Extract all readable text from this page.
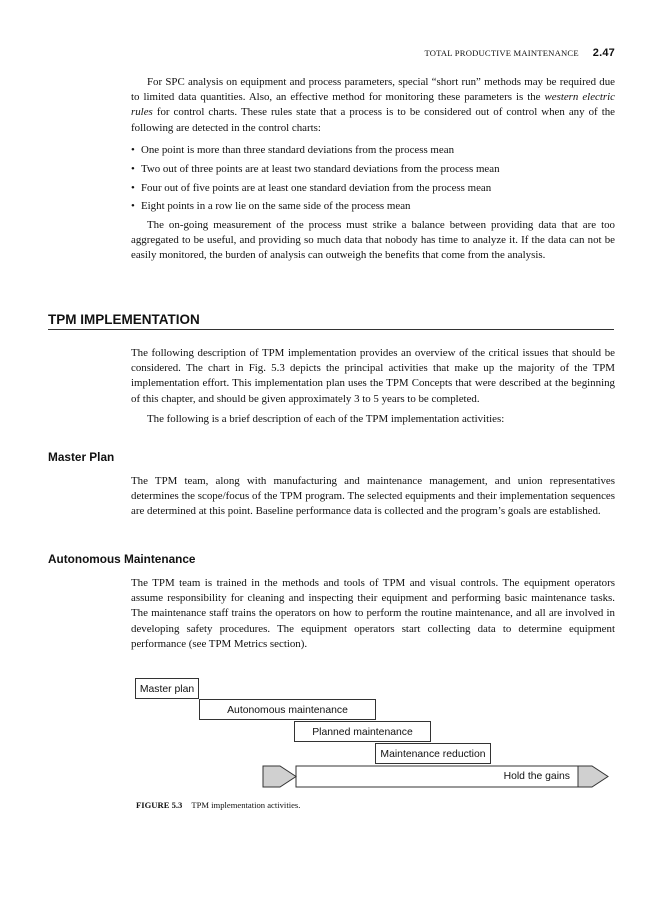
TOTAL PRODUCTIVE MAINTENANCE 2.47

For SPC analysis on equipment and process parameters, special “short run” methods may be required due to limited data quantities. Also, an effective method for monitoring these parameters is the western electric rules for control charts. These rules state that a process is to be considered out of control when any of the following are detected in the control charts:

• One point is more than three standard deviations from the process mean
• Two out of three points are at least two standard deviations from the process mean
• Four out of five points are at least one standard deviation from the process mean
• Eight points in a row lie on the same side of the process mean

The on-going measurement of the process must strike a balance between providing data that are too aggregated to be useful, and providing so much data that nobody has time to analyze it. If the data can not be easily monitored, the burden of analysis can outweigh the benefits that come from the analysis.

TPM IMPLEMENTATION

The following description of TPM implementation provides an overview of the critical issues that should be considered. The chart in Fig. 5.3 depicts the principal activities that make up the majority of the TPM implementation effort. This implementation plan uses the TPM Concepts that were described at the beginning of this chapter, and should be given approximately 3 to 5 years to be completed.

The following is a brief description of each of the TPM implementation activities:

Master Plan

The TPM team, along with manufacturing and maintenance management, and union representatives determines the scope/focus of the TPM program. The selected equipments and their implementation sequences are determined at this point. Baseline performance data is collected and the program’s goals are established.

Autonomous Maintenance

The TPM team is trained in the methods and tools of TPM and visual controls. The equipment operators assume responsibility for cleaning and inspecting their equipment and performing basic maintenance tasks. The maintenance staff trains the operators on how to perform the routine maintenance, and all are involved in developing safety procedures. The equipment operators start collecting data to determine equipment performance (see TPM Metrics section).

Master plan
Autonomous maintenance
Planned maintenance
Maintenance reduction
Hold the gains
FIGURE 5.3 TPM implementation activities.
